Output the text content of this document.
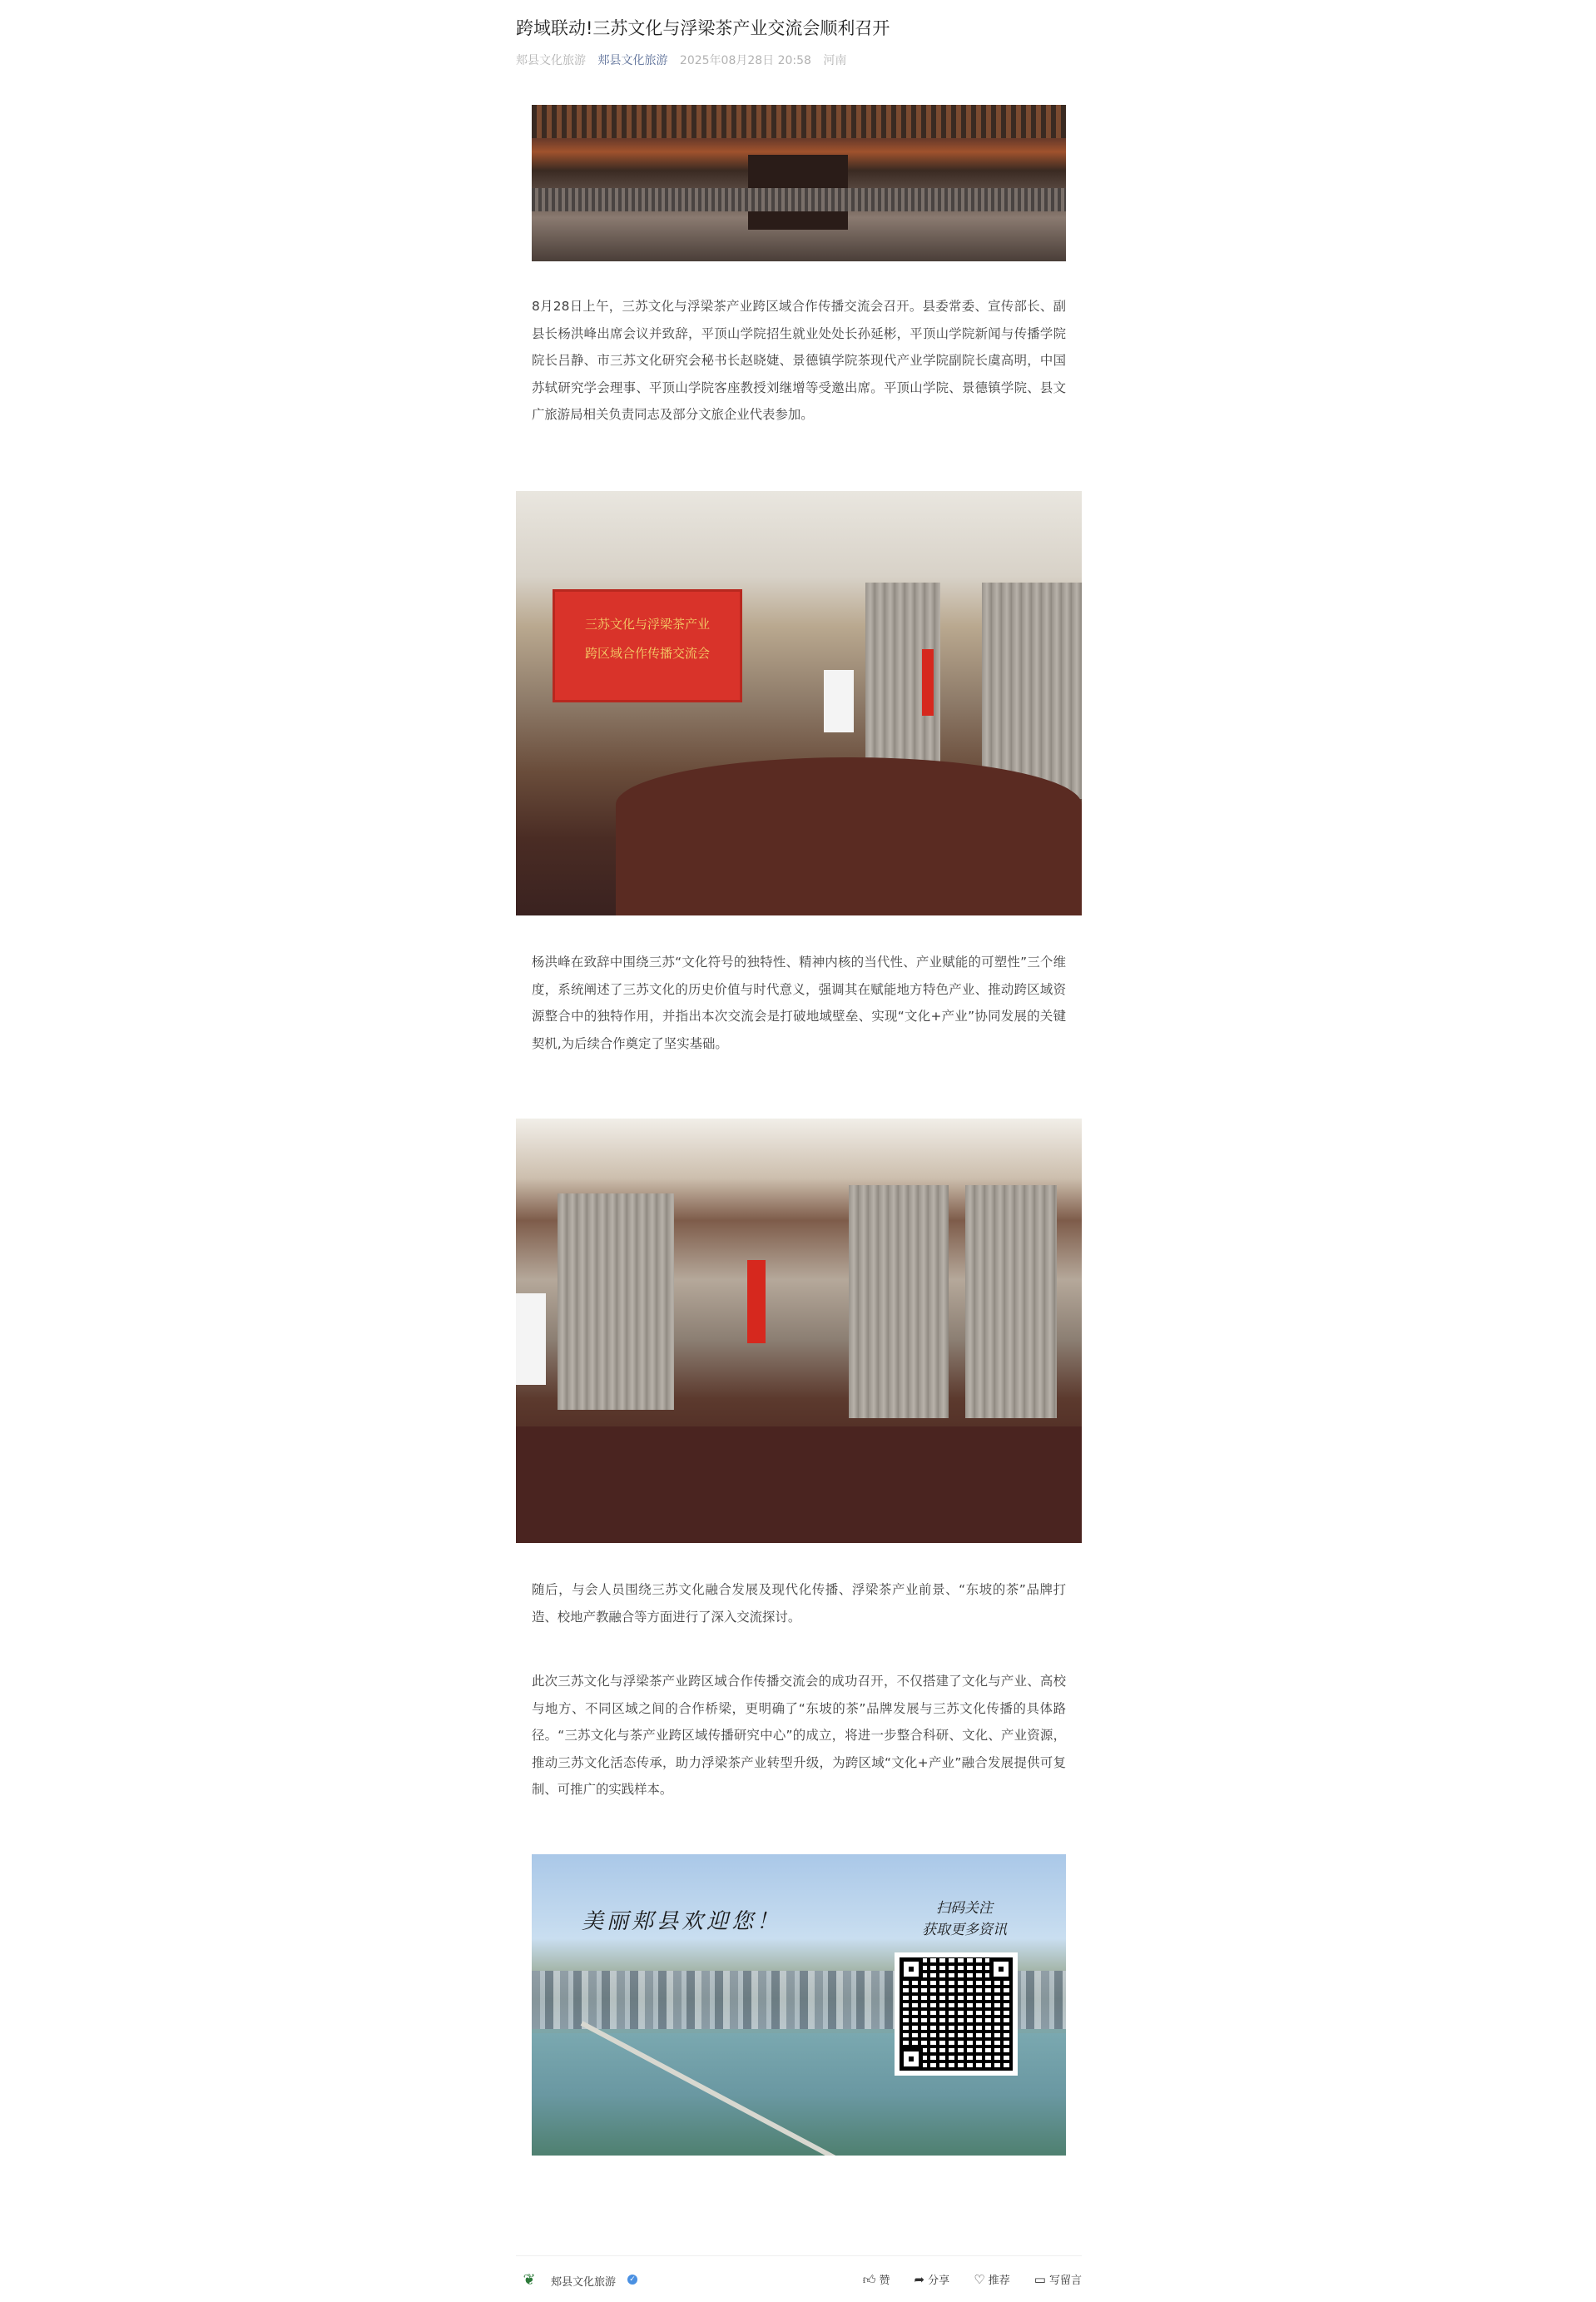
跨域联动!三苏文化与浮梁茶产业交流会顺利召开
郏县文化旅游 郏县文化旅游 2025年08月28日 20:58 河南

8月28日上午，三苏文化与浮梁茶产业跨区域合作传播交流会召开。县委常委、宣传部长、副县长杨洪峰出席会议并致辞，平顶山学院招生就业处处长孙延彬，平顶山学院新闻与传播学院院长吕静、市三苏文化研究会秘书长赵晓婕、景德镇学院茶现代产业学院副院长虞高明，中国苏轼研究学会理事、平顶山学院客座教授刘继增等受邀出席。平顶山学院、景德镇学院、县文广旅游局相关负责同志及部分文旅企业代表参加。

三苏文化与浮梁茶产业
跨区域合作传播交流会

杨洪峰在致辞中围绕三苏“文化符号的独特性、精神内核的当代性、产业赋能的可塑性”三个维度，系统阐述了三苏文化的历史价值与时代意义，强调其在赋能地方特色产业、推动跨区域资源整合中的独特作用，并指出本次交流会是打破地域壁垒、实现“文化+产业”协同发展的关键契机,为后续合作奠定了坚实基础。

随后，与会人员围绕三苏文化融合发展及现代化传播、浮梁茶产业前景、“东坡的茶”品牌打造、校地产教融合等方面进行了深入交流探讨。

此次三苏文化与浮梁茶产业跨区域合作传播交流会的成功召开，不仅搭建了文化与产业、高校与地方、不同区域之间的合作桥梁，更明确了“东坡的茶”品牌发展与三苏文化传播的具体路径。“三苏文化与茶产业跨区域传播研究中心”的成立，将进一步整合科研、文化、产业资源，推动三苏文化活态传承，助力浮梁茶产业转型升级，为跨区域“文化+产业”融合发展提供可复制、可推广的实践样本。

美丽郏县欢迎您！
扫码关注
获取更多资讯
❦	郏县文化旅游 ✓	👍︎ 赞 ➦ 分享 ♡ 推荐 ▭ 写留言
